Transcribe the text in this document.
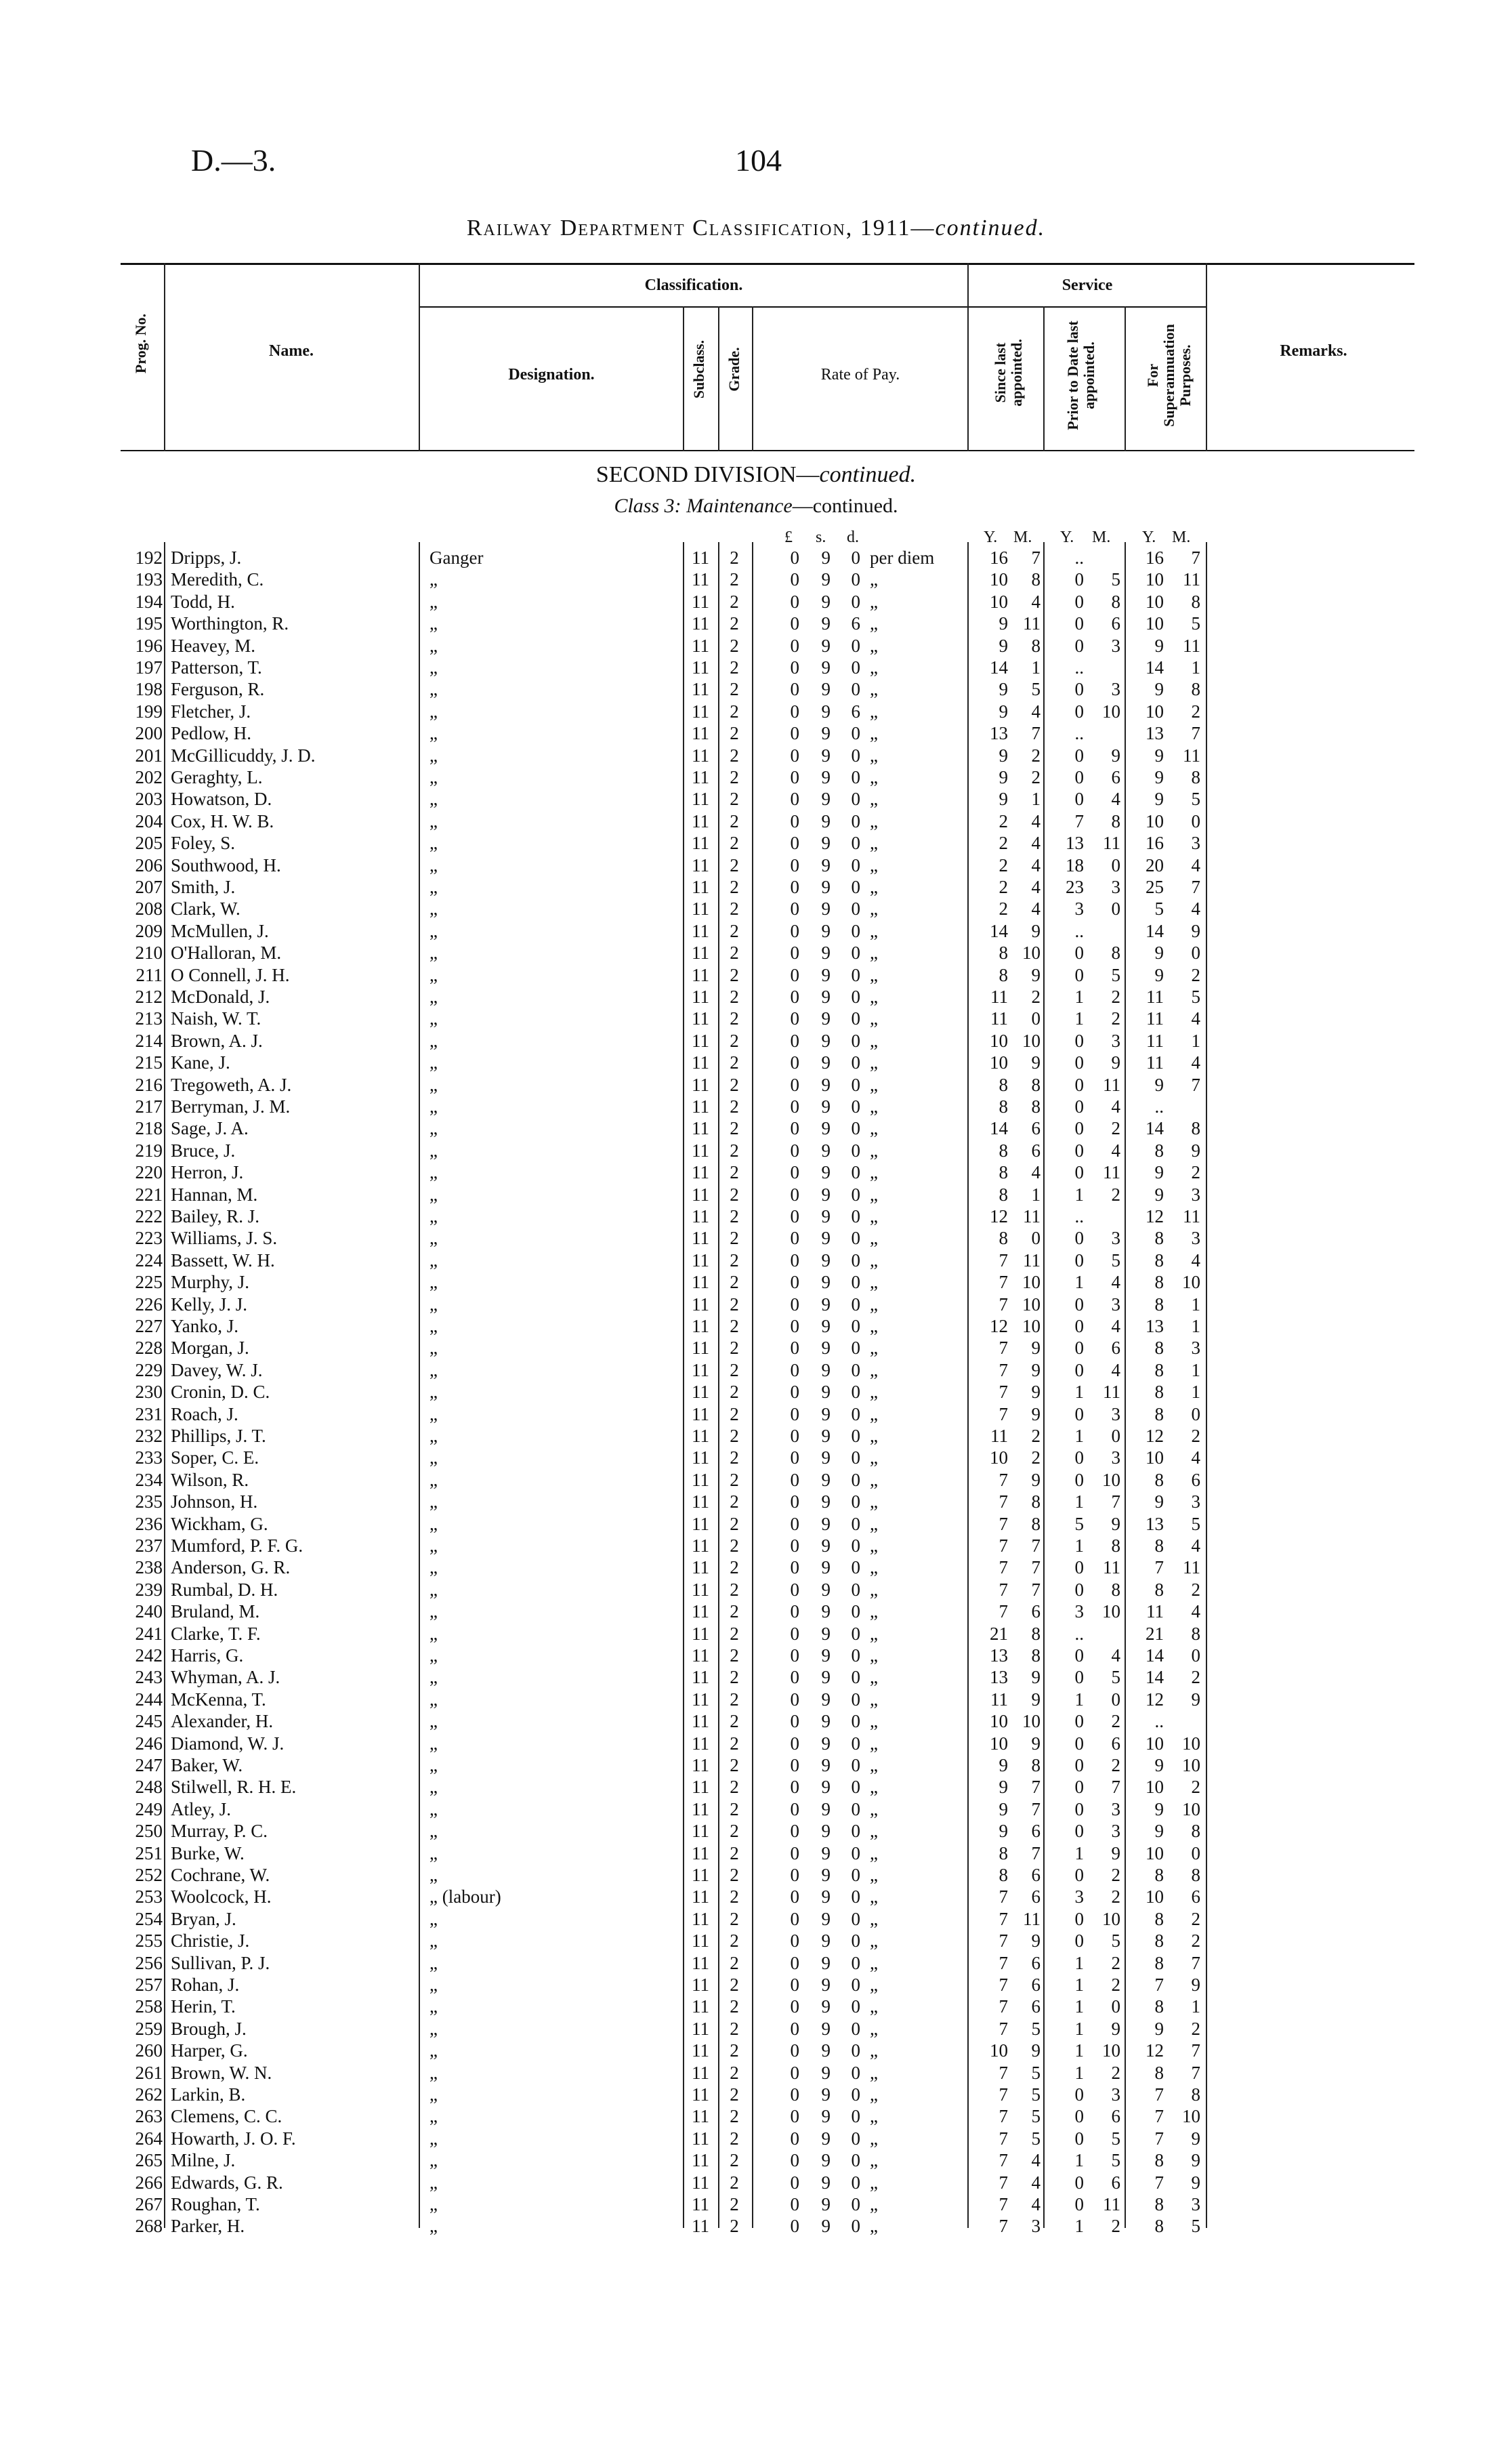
D.—3.	104
Railway Department Classification, 1911—continued.
Prog. No.	Name.
Classification.
Designation.	Subclass. Grade.	Rate of Pay.
Service
Since last appointed.	Prior to Date last appointed.	For Superannuation Purposes.	Remarks.
SECOND DIVISION—continued.
Class 3: Maintenance—continued.
£ s. d.	Y. M. Y. M. Y. M.
192 Dripps, J.	Ganger	11	2	0	9	0 per diem	16	7	..	16	7
193 Meredith, C.	„	11	2	0	9	0 „	10	8	0	5	10	11
194 Todd, H.	„	11	2	0	9	0 „	10	4	0	8	10	8
195 Worthington, R.	„	11	2	0	9	6 „	9 11	0	6	10	5
196 Heavey, M.	„	11	2	0	9	0 „	9	8	0	3	9	11
197 Patterson, T.	„	11	2	0	9	0 „	14	1	..	14	1
198 Ferguson, R.	„	11	2	0	9	0 „	9	5	0	3	9	8
199 Fletcher, J.	„	11	2	0	9	6 „	9	4	0	10	10	2
200 Pedlow, H.	„	11	2	0	9	0 „	13	7	..	13	7
201 McGillicuddy, J. D.	„	11	2	0	9	0 „	9	2	0	9	9	11
202 Geraghty, L.	„	11	2	0	9	0 „	9	2	0	6	9	8
203 Howatson, D.	„	11	2	0	9	0 „	9	1	0	4	9	5
204 Cox, H. W. B.	„	11	2	0	9	0 „	2	4	7	8	10	0
205 Foley, S.	„	11	2	0	9	0 „	2	4	13	11	16	3
206 Southwood, H.	„	11	2	0	9	0 „	2	4	18	0	20	4
207 Smith, J.	„	11	2	0	9	0 „	2	4	23	3	25	7
208 Clark, W.	„	11	2	0	9	0 „	2	4	3	0	5	4
209 McMullen, J.	„	11	2	0	9	0 „	14	9	..	14	9
210 O'Halloran, M.	„	11	2	0	9	0 „	8 10	0	8	9	0
211 O Connell, J. H.	„	11	2	0	9	0 „	8	9	0	5	9	2
212 McDonald, J.	„	11	2	0	9	0 „	11	2	1	2	11	5
213 Naish, W. T.	„	11	2	0	9	0 „	11	0	1	2	11	4
214 Brown, A. J.	„	11	2	0	9	0 „	10 10	0	3	11	1
215 Kane, J.	„	11	2	0	9	0 „	10	9	0	9	11	4
216 Tregoweth, A. J.	„	11	2	0	9	0 „	8	8	0	11	9	7
217 Berryman, J. M.	„	11	2	0	9	0 „	8	8	0	4	..
218 Sage, J. A.	„	11	2	0	9	0 „	14	6	0	2	14	8
219 Bruce, J.	„	11	2	0	9	0 „	8	6	0	4	8	9
220 Herron, J.	„	11	2	0	9	0 „	8	4	0	11	9	2
221 Hannan, M.	„	11	2	0	9	0 „	8	1	1	2	9	3
222 Bailey, R. J.	„	11	2	0	9	0 „	12 11	..	12	11
223 Williams, J. S.	„	11	2	0	9	0 „	8	0	0	3	8	3
224 Bassett, W. H.	„	11	2	0	9	0 „	7 11	0	5	8	4
225 Murphy, J.	„	11	2	0	9	0 „	7 10	1	4	8	10
226 Kelly, J. J.	„	11	2	0	9	0 „	7 10	0	3	8	1
227 Yanko, J.	„	11	2	0	9	0 „	12 10	0	4	13	1
228 Morgan, J.	„	11	2	0	9	0 „	7	9	0	6	8	3
229 Davey, W. J.	„	11	2	0	9	0 „	7	9	0	4	8	1
230 Cronin, D. C.	„	11	2	0	9	0 „	7	9	1	11	8	1
231 Roach, J.	„	11	2	0	9	0 „	7	9	0	3	8	0
232 Phillips, J. T.	„	11	2	0	9	0 „	11	2	1	0	12	2
233 Soper, C. E.	„	11	2	0	9	0 „	10	2	0	3	10	4
234 Wilson, R.	„	11	2	0	9	0 „	7	9	0	10	8	6
235 Johnson, H.	„	11	2	0	9	0 „	7	8	1	7	9	3
236 Wickham, G.	„	11	2	0	9	0 „	7	8	5	9	13	5
237 Mumford, P. F. G.	„	11	2	0	9	0 „	7	7	1	8	8	4
238 Anderson, G. R.	„	11	2	0	9	0 „	7	7	0	11	7	11
239 Rumbal, D. H.	„	11	2	0	9	0 „	7	7	0	8	8	2
240 Bruland, M.	„	11	2	0	9	0 „	7	6	3	10	11	4
241 Clarke, T. F.	„	11	2	0	9	0 „	21	8	..	21	8
242 Harris, G.	„	11	2	0	9	0 „	13	8	0	4	14	0
243 Whyman, A. J.	„	11	2	0	9	0 „	13	9	0	5	14	2
244 McKenna, T.	„	11	2	0	9	0 „	11	9	1	0	12	9
245 Alexander, H.	„	11	2	0	9	0 „	10 10	0	2	..
246 Diamond, W. J.	„	11	2	0	9	0 „	10	9	0	6	10	10
247 Baker, W.	„	11	2	0	9	0 „	9	8	0	2	9	10
248 Stilwell, R. H. E.	„	11	2	0	9	0 „	9	7	0	7	10	2
249 Atley, J.	„	11	2	0	9	0 „	9	7	0	3	9	10
250 Murray, P. C.	„	11	2	0	9	0 „	9	6	0	3	9	8
251 Burke, W.	„	11	2	0	9	0 „	8	7	1	9	10	0
252 Cochrane, W.	„	11	2	0	9	0 „	8	6	0	2	8	8
253 Woolcock, H.	„ (labour)	11	2	0	9	0 „	7	6	3	2	10	6
254 Bryan, J.	„	11	2	0	9	0 „	7 11	0	10	8	2
255 Christie, J.	„	11	2	0	9	0 „	7	9	0	5	8	2
256 Sullivan, P. J.	„	11	2	0	9	0 „	7	6	1	2	8	7
257 Rohan, J.	„	11	2	0	9	0 „	7	6	1	2	7	9
258 Herin, T.	„	11	2	0	9	0 „	7	6	1	0	8	1
259 Brough, J.	„	11	2	0	9	0 „	7	5	1	9	9	2
260 Harper, G.	„	11	2	0	9	0 „	10	9	1	10	12	7
261 Brown, W. N.	„	11	2	0	9	0 „	7	5	1	2	8	7
262 Larkin, B.	„	11	2	0	9	0 „	7	5	0	3	7	8
263 Clemens, C. C.	„	11	2	0	9	0 „	7	5	0	6	7	10
264 Howarth, J. O. F.	„	11	2	0	9	0 „	7	5	0	5	7	9
265 Milne, J.	„	11	2	0	9	0 „	7	4	1	5	8	9
266 Edwards, G. R.	„	11	2	0	9	0 „	7	4	0	6	7	9
267 Roughan, T.	„	11	2	0	9	0 „	7	4	0	11	8	3
268 Parker, H.	„	11	2	0	9	0 „	7	3	1	2	8	5
